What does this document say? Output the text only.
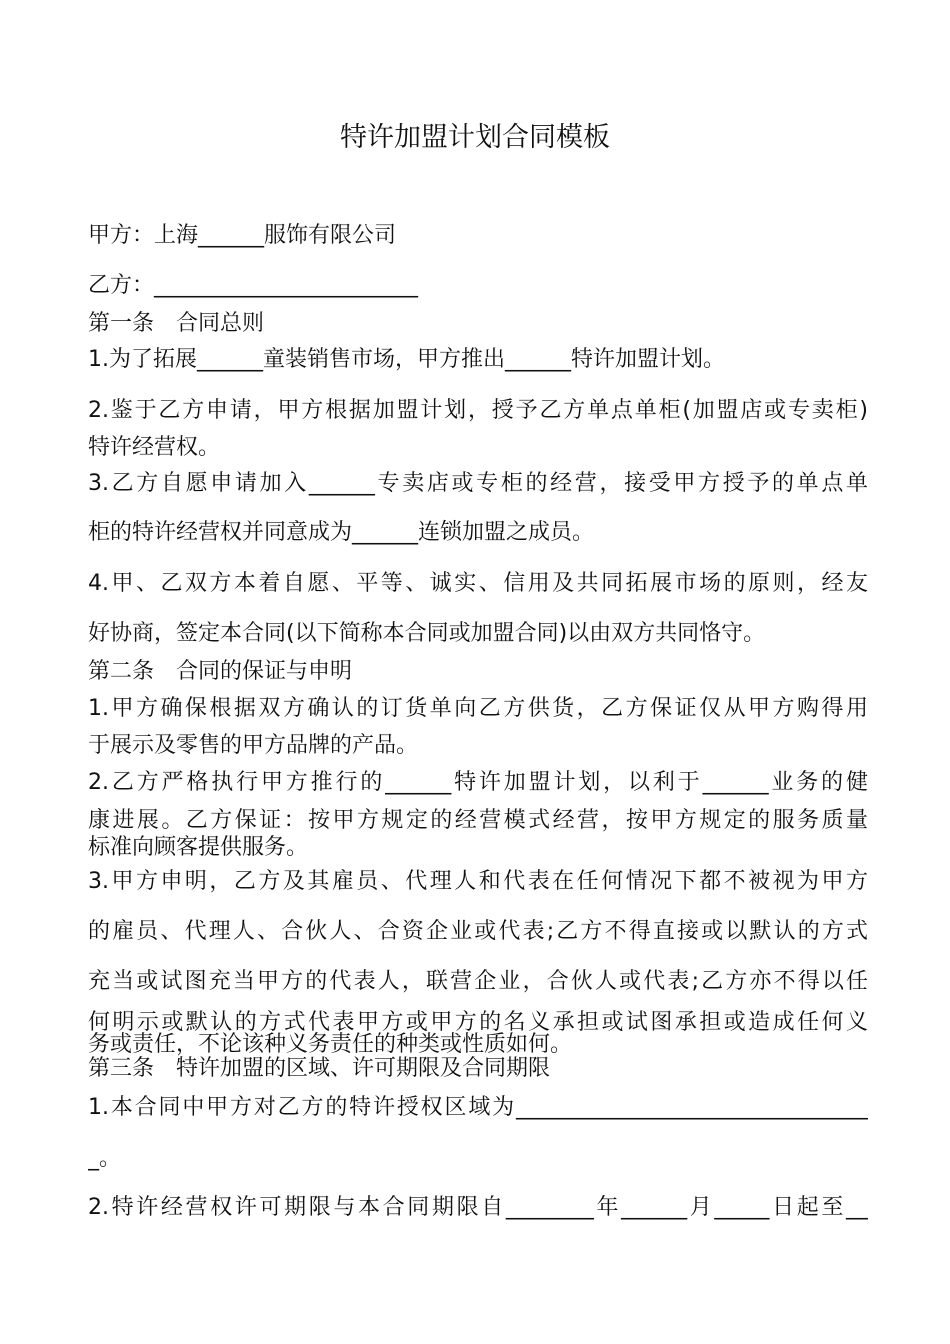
特许加盟计划合同模板

甲方：上海______服饰有限公司

乙方：________________________

第一条　合同总则

1.为了拓展______童装销售市场，甲方推出______特许加盟计划。

2.鉴于乙方申请，甲方根据加盟计划，授予乙方单点单柜(加盟店或专卖柜)

特许经营权。

3.乙方自愿申请加入______专卖店或专柜的经营，接受甲方授予的单点单

柜的特许经营权并同意成为______连锁加盟之成员。

4.甲、乙双方本着自愿、平等、诚实、信用及共同拓展市场的原则，经友

好协商，签定本合同(以下简称本合同或加盟合同)以由双方共同恪守。

第二条　合同的保证与申明

1.甲方确保根据双方确认的订货单向乙方供货，乙方保证仅从甲方购得用

于展示及零售的甲方品牌的产品。

2.乙方严格执行甲方推行的______特许加盟计划，以利于______业务的健

康进展。乙方保证：按甲方规定的经营模式经营，按甲方规定的服务质量

标准向顾客提供服务。

3.甲方申明，乙方及其雇员、代理人和代表在任何情况下都不被视为甲方

的雇员、代理人、合伙人、合资企业或代表;乙方不得直接或以默认的方式

充当或试图充当甲方的代表人，联营企业，合伙人或代表;乙方亦不得以任

何明示或默认的方式代表甲方或甲方的名义承担或试图承担或造成任何义

务或责任，不论该种义务责任的种类或性质如何。

第三条　特许加盟的区域、许可期限及合同期限

1.本合同中甲方对乙方的特许授权区域为________________________________

_。

2.特许经营权许可期限与本合同期限自________年______月_____日起至__
